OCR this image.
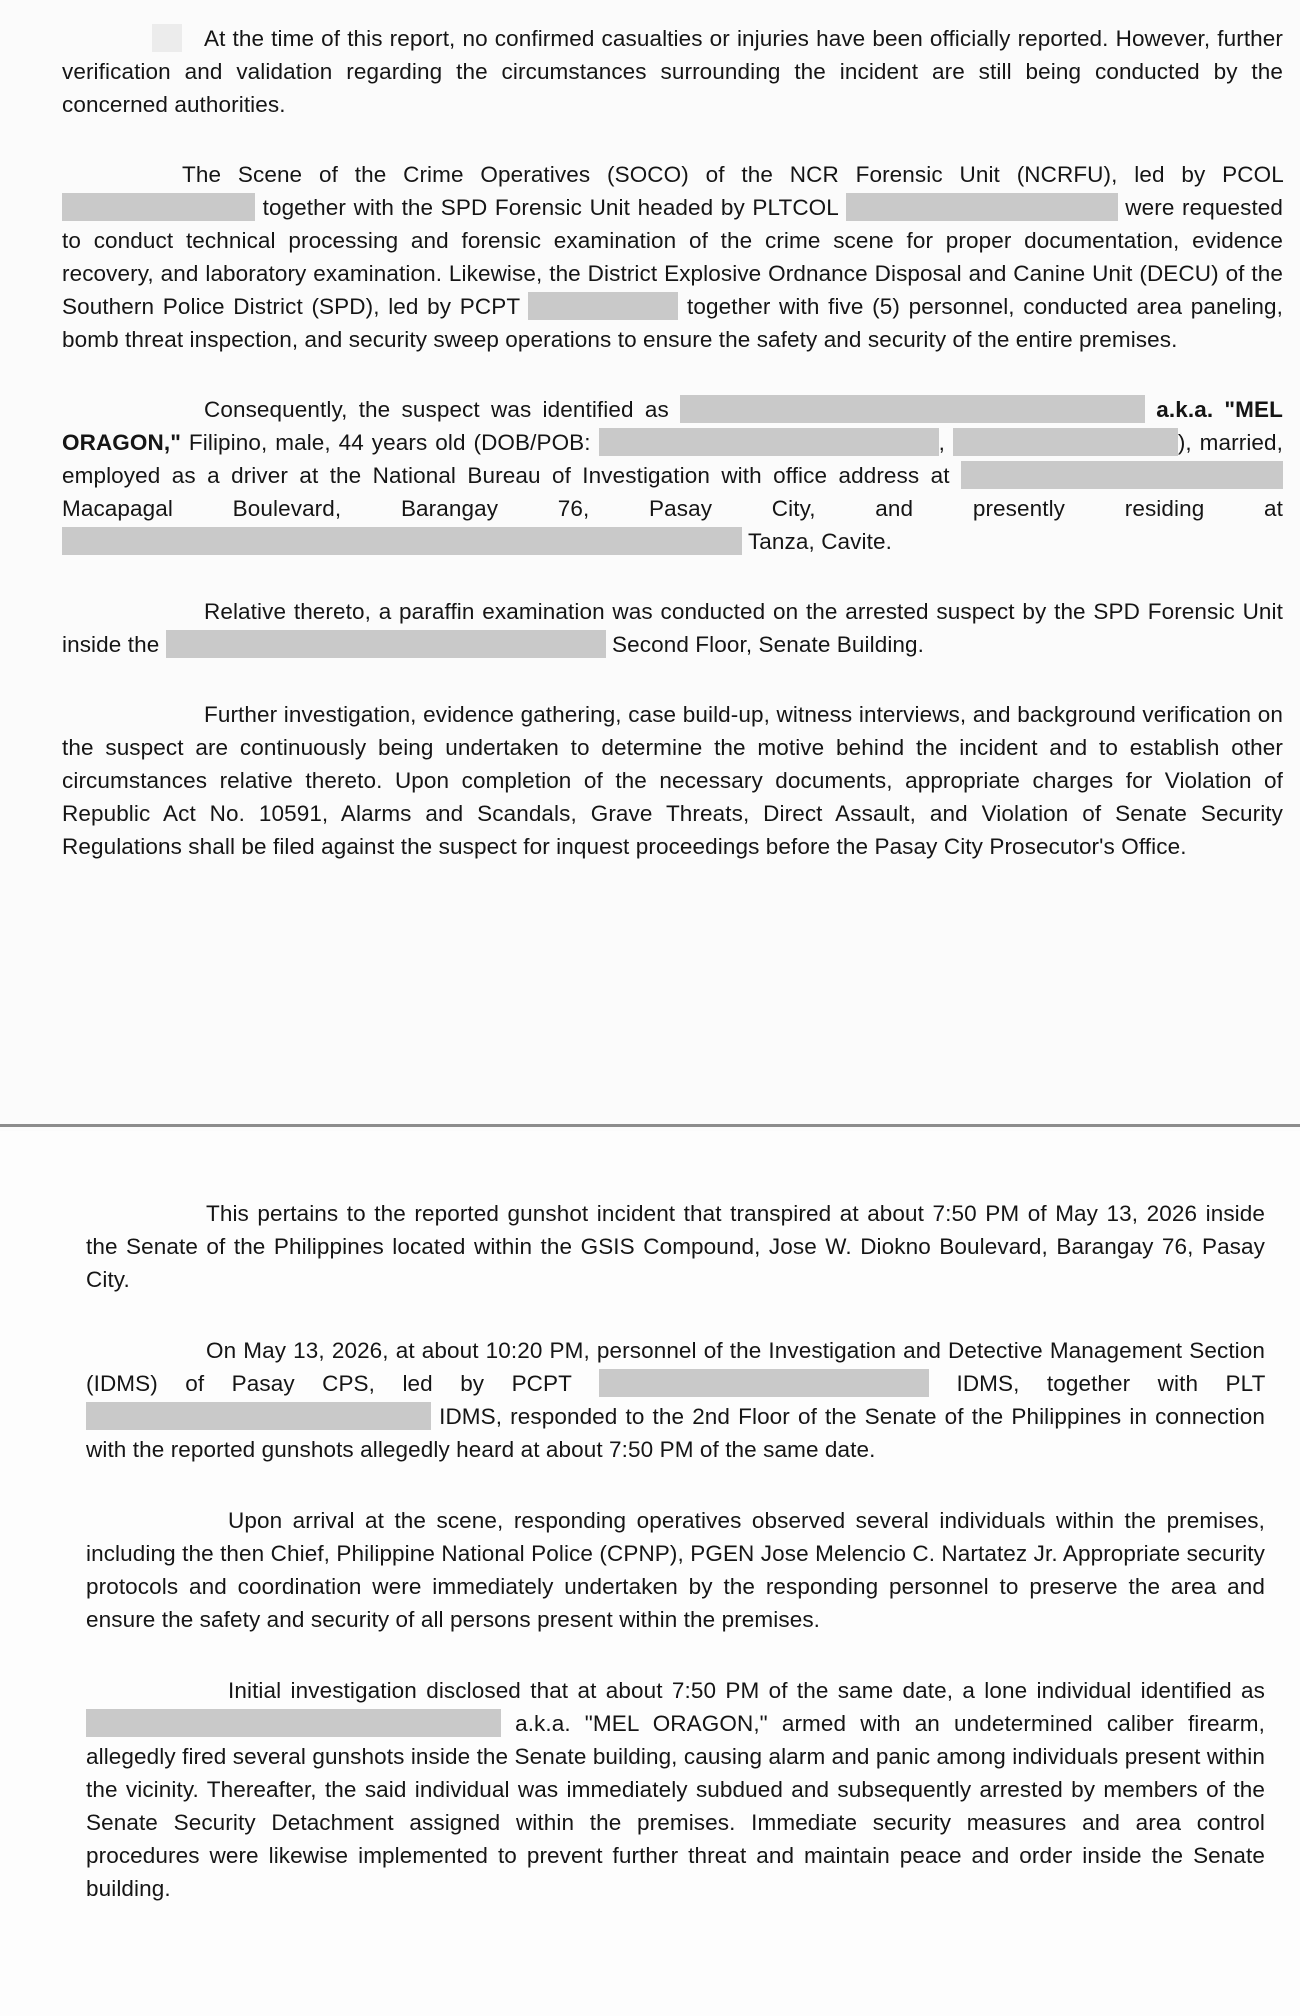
At the time of this report, no confirmed casualties or injuries have been officially reported. However, further verification and validation regarding the circumstances surrounding the incident are still being conducted by the concerned authorities.

The Scene of the Crime Operatives (SOCO) of the NCR Forensic Unit (NCRFU), led by PCOL  together with the SPD Forensic Unit headed by PLTCOL	were requested to conduct technical processing and forensic examination of the crime scene for proper documentation, evidence recovery, and laboratory examination. Likewise, the District Explosive Ordnance Disposal and Canine Unit (DECU) of the Southern Police District (SPD), led by PCPT	together with five (5) personnel, conducted area paneling, bomb threat inspection, and security sweep operations to ensure the safety and security of the entire premises.

Consequently, the suspect was identified as	a.k.a. "MEL ORAGON," Filipino, male, 44 years old (DOB/POB:	,	), married, employed as a driver at the National Bureau of Investigation with office address at  Macapagal Boulevard, Barangay 76, Pasay City, and presently residing at  Tanza, Cavite.

Relative thereto, a paraffin examination was conducted on the arrested suspect by the SPD Forensic Unit inside the	Second Floor, Senate Building.

Further investigation, evidence gathering, case build-up, witness interviews, and background verification on the suspect are continuously being undertaken to determine the motive behind the incident and to establish other circumstances relative thereto. Upon completion of the necessary documents, appropriate charges for Violation of Republic Act No. 10591, Alarms and Scandals, Grave Threats, Direct Assault, and Violation of Senate Security Regulations shall be filed against the suspect for inquest proceedings before the Pasay City Prosecutor's Office.

This pertains to the reported gunshot incident that transpired at about 7:50 PM of May 13, 2026 inside the Senate of the Philippines located within the GSIS Compound, Jose W. Diokno Boulevard, Barangay 76, Pasay City.

On May 13, 2026, at about 10:20 PM, personnel of the Investigation and Detective Management Section (IDMS) of Pasay CPS, led by PCPT	IDMS, together with PLT  IDMS, responded to the 2nd Floor of the Senate of the Philippines in connection with the reported gunshots allegedly heard at about 7:50 PM of the same date.

Upon arrival at the scene, responding operatives observed several individuals within the premises, including the then Chief, Philippine National Police (CPNP), PGEN Jose Melencio C. Nartatez Jr. Appropriate security protocols and coordination were immediately undertaken by the responding personnel to preserve the area and ensure the safety and security of all persons present within the premises.

Initial investigation disclosed that at about 7:50 PM of the same date, a lone individual identified as  a.k.a. "MEL ORAGON," armed with an undetermined caliber firearm, allegedly fired several gunshots inside the Senate building, causing alarm and panic among individuals present within the vicinity. Thereafter, the said individual was immediately subdued and subsequently arrested by members of the Senate Security Detachment assigned within the premises. Immediate security measures and area control procedures were likewise implemented to prevent further threat and maintain peace and order inside the Senate building.
